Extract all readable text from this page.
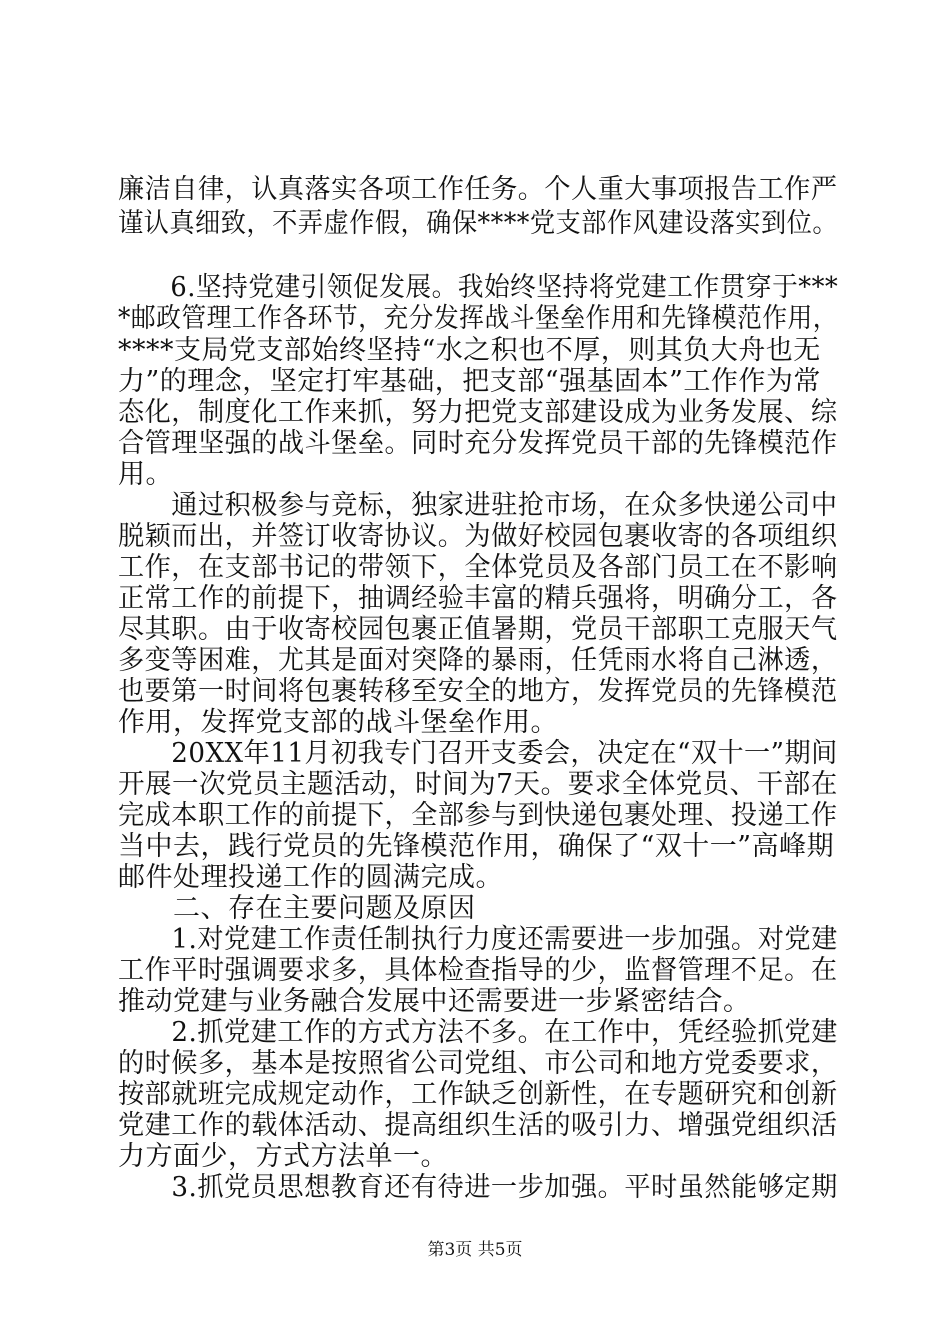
廉洁自律，认真落实各项工作任务。个人重大事项报告工作严
谨认真细致，不弄虚作假，确保****党支部作风建设落实到位。
　　6.坚持党建引领促发展。我始终坚持将党建工作贯穿于***
*邮政管理工作各环节，充分发挥战斗堡垒作用和先锋模范作用，
****支局党支部始终坚持“水之积也不厚，则其负大舟也无
力”的理念，坚定打牢基础，把支部“强基固本”工作作为常
态化，制度化工作来抓，努力把党支部建设成为业务发展、综
合管理坚强的战斗堡垒。同时充分发挥党员干部的先锋模范作
用。
　　通过积极参与竞标，独家进驻抢市场，在众多快递公司中
脱颖而出，并签订收寄协议。为做好校园包裹收寄的各项组织
工作，在支部书记的带领下，全体党员及各部门员工在不影响
正常工作的前提下，抽调经验丰富的精兵强将，明确分工，各
尽其职。由于收寄校园包裹正值暑期，党员干部职工克服天气
多变等困难，尤其是面对突降的暴雨，任凭雨水将自己淋透，
也要第一时间将包裹转移至安全的地方，发挥党员的先锋模范
作用，发挥党支部的战斗堡垒作用。
　　20XX年11月初我专门召开支委会，决定在“双十一”期间
开展一次党员主题活动，时间为7天。要求全体党员、干部在
完成本职工作的前提下，全部参与到快递包裹处理、投递工作
当中去，践行党员的先锋模范作用，确保了“双十一”高峰期
邮件处理投递工作的圆满完成。
　　二、存在主要问题及原因
　　1.对党建工作责任制执行力度还需要进一步加强。对党建
工作平时强调要求多，具体检查指导的少，监督管理不足。在
推动党建与业务融合发展中还需要进一步紧密结合。
　　2.抓党建工作的方式方法不多。在工作中，凭经验抓党建
的时候多，基本是按照省公司党组、市公司和地方党委要求，
按部就班完成规定动作，工作缺乏创新性，在专题研究和创新
党建工作的载体活动、提高组织生活的吸引力、增强党组织活
力方面少，方式方法单一。
　　3.抓党员思想教育还有待进一步加强。平时虽然能够定期
第3页 共5页
